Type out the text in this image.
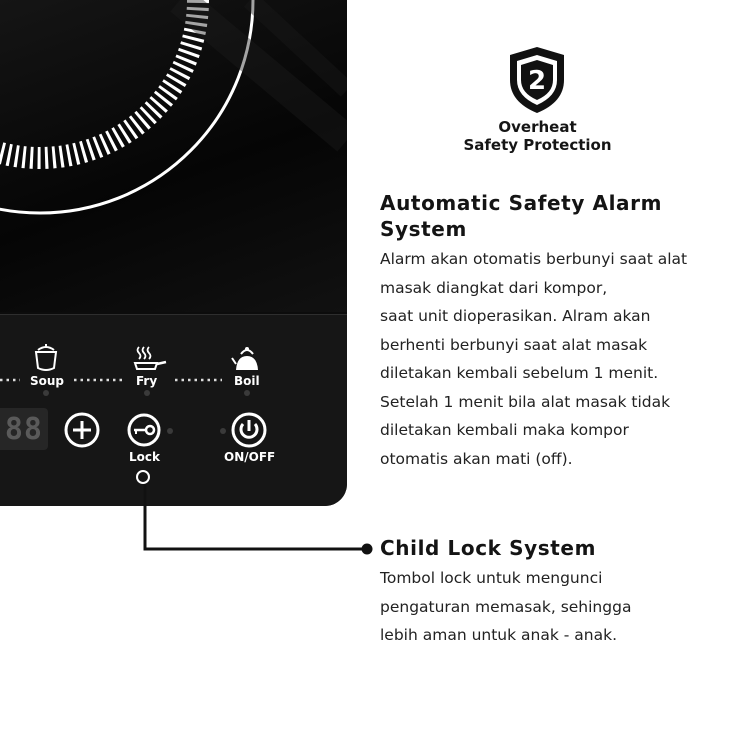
Soup	Fry	Boil
88
Lock	ON/OFF
2
Overheat
Safety Protection
Automatic Safety Alarm
System
Alarm akan otomatis berbunyi saat alat
masak diangkat dari kompor,
saat unit dioperasikan. Alram akan
berhenti berbunyi saat alat masak
diletakan kembali sebelum 1 menit.
Setelah 1 menit bila alat masak tidak
diletakan kembali maka kompor
otomatis akan mati (off).
Child Lock System
Tombol lock untuk mengunci
pengaturan memasak, sehingga
lebih aman untuk anak - anak.
